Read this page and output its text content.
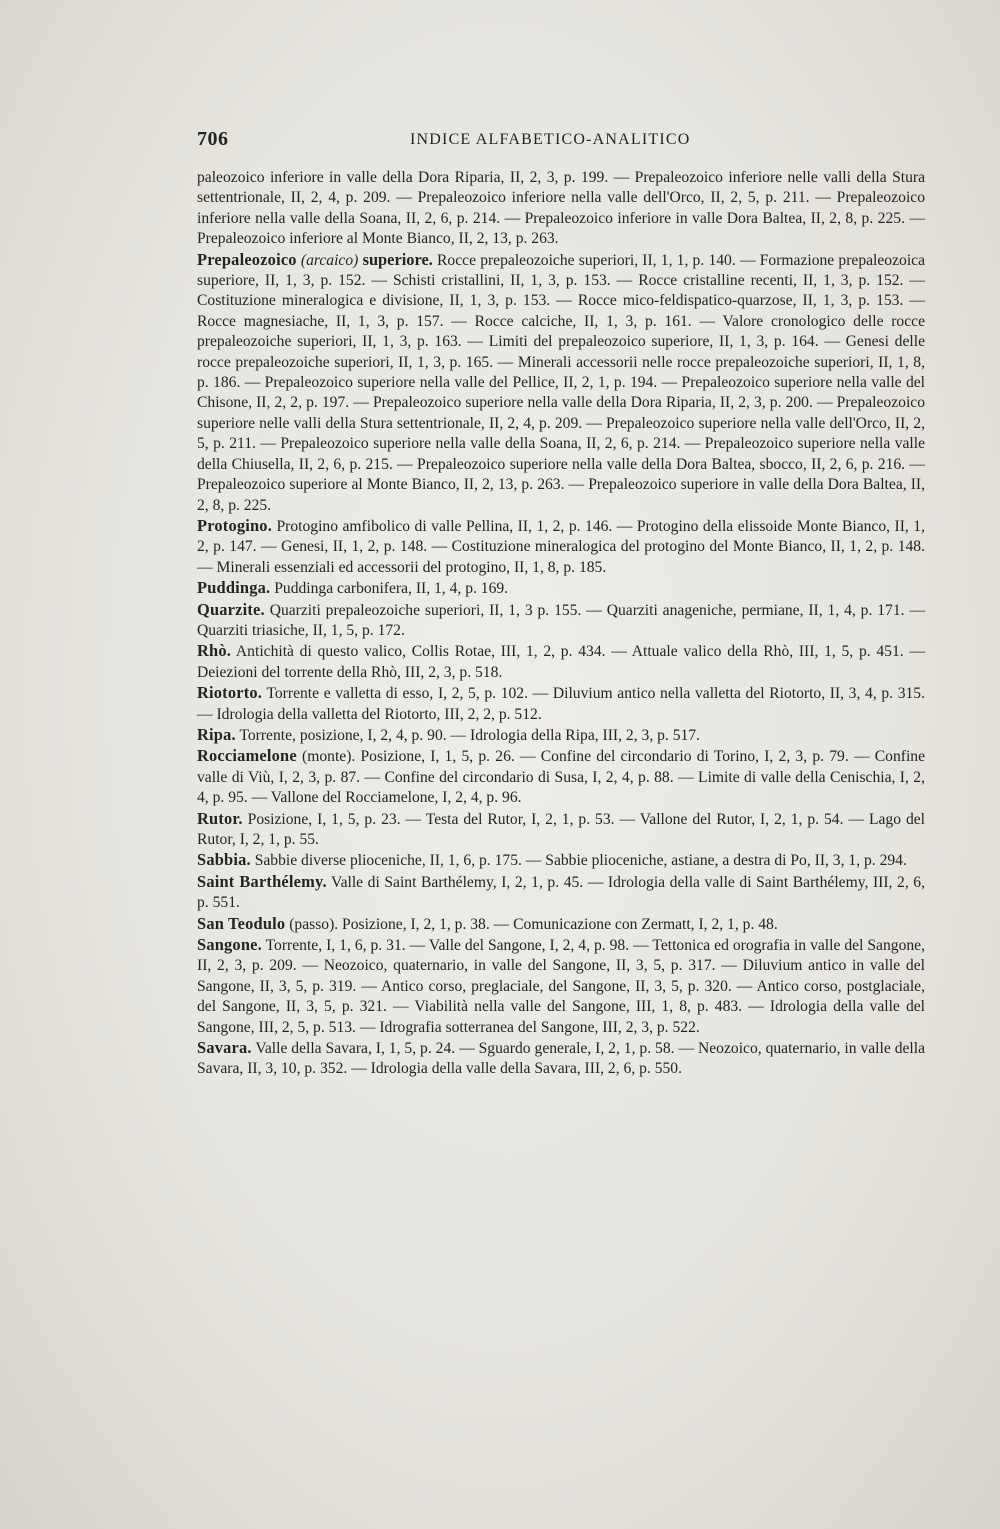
706	INDICE ALFABETICO-ANALITICO

paleozoico inferiore in valle della Dora Riparia, II, 2, 3, p. 199. — Prepaleozoico inferiore nelle valli della Stura settentrionale, II, 2, 4, p. 209. — Prepaleozoico inferiore nella valle dell'Orco, II, 2, 5, p. 211. — Prepaleozoico inferiore nella valle della Soana, II, 2, 6, p. 214. — Prepaleozoico inferiore in valle Dora Baltea, II, 2, 8, p. 225. — Prepaleozoico inferiore al Monte Bianco, II, 2, 13, p. 263.

Prepaleozoico (arcaico) superiore. Rocce prepaleozoiche superiori, II, 1, 1, p. 140. — Formazione prepaleozoica superiore, II, 1, 3, p. 152. — Schisti cristallini, II, 1, 3, p. 153. — Rocce cristalline recenti, II, 1, 3, p. 152. — Costituzione mineralogica e divisione, II, 1, 3, p. 153. — Rocce mico-feldispatico-quarzose, II, 1, 3, p. 153. — Rocce magnesiache, II, 1, 3, p. 157. — Rocce calciche, II, 1, 3, p. 161. — Valore cronologico delle rocce prepaleozoiche superiori, II, 1, 3, p. 163. — Limiti del prepaleozoico superiore, II, 1, 3, p. 164. — Genesi delle rocce prepaleozoiche superiori, II, 1, 3, p. 165. — Minerali accessorii nelle rocce prepaleozoiche superiori, II, 1, 8, p. 186. — Prepaleozoico superiore nella valle del Pellice, II, 2, 1, p. 194. — Prepaleozoico superiore nella valle del Chisone, II, 2, 2, p. 197. — Prepaleozoico superiore nella valle della Dora Riparia, II, 2, 3, p. 200. — Prepaleozoico superiore nelle valli della Stura settentrionale, II, 2, 4, p. 209. — Prepaleozoico superiore nella valle dell'Orco, II, 2, 5, p. 211. — Prepaleozoico superiore nella valle della Soana, II, 2, 6, p. 214. — Prepaleozoico superiore nella valle della Chiusella, II, 2, 6, p. 215. — Prepaleozoico superiore nella valle della Dora Baltea, sbocco, II, 2, 6, p. 216. — Prepaleozoico superiore al Monte Bianco, II, 2, 13, p. 263. — Prepaleozoico superiore in valle della Dora Baltea, II, 2, 8, p. 225.

Protogino. Protogino amfibolico di valle Pellina, II, 1, 2, p. 146. — Protogino della elissoide Monte Bianco, II, 1, 2, p. 147. — Genesi, II, 1, 2, p. 148. — Costituzione mineralogica del protogino del Monte Bianco, II, 1, 2, p. 148. — Minerali essenziali ed accessorii del protogino, II, 1, 8, p. 185.

Puddinga. Puddinga carbonifera, II, 1, 4, p. 169.

Quarzite. Quarziti prepaleozoiche superiori, II, 1, 3 p. 155. — Quarziti anageniche, permiane, II, 1, 4, p. 171. — Quarziti triasiche, II, 1, 5, p. 172.

Rhò. Antichità di questo valico, Collis Rotae, III, 1, 2, p. 434. — Attuale valico della Rhò, III, 1, 5, p. 451. — Deiezioni del torrente della Rhò, III, 2, 3, p. 518.

Riotorto. Torrente e valletta di esso, I, 2, 5, p. 102. — Diluvium antico nella valletta del Riotorto, II, 3, 4, p. 315. — Idrologia della valletta del Riotorto, III, 2, 2, p. 512.

Ripa. Torrente, posizione, I, 2, 4, p. 90. — Idrologia della Ripa, III, 2, 3, p. 517.

Rocciamelone (monte). Posizione, I, 1, 5, p. 26. — Confine del circondario di Torino, I, 2, 3, p. 79. — Confine valle di Viù, I, 2, 3, p. 87. — Confine del circondario di Susa, I, 2, 4, p. 88. — Limite di valle della Cenischia, I, 2, 4, p. 95. — Vallone del Rocciamelone, I, 2, 4, p. 96.

Rutor. Posizione, I, 1, 5, p. 23. — Testa del Rutor, I, 2, 1, p. 53. — Vallone del Rutor, I, 2, 1, p. 54. — Lago del Rutor, I, 2, 1, p. 55.

Sabbia. Sabbie diverse plioceniche, II, 1, 6, p. 175. — Sabbie plioceniche, astiane, a destra di Po, II, 3, 1, p. 294.

Saint Barthélemy. Valle di Saint Barthélemy, I, 2, 1, p. 45. — Idrologia della valle di Saint Barthélemy, III, 2, 6, p. 551.

San Teodulo (passo). Posizione, I, 2, 1, p. 38. — Comunicazione con Zermatt, I, 2, 1, p. 48.

Sangone. Torrente, I, 1, 6, p. 31. — Valle del Sangone, I, 2, 4, p. 98. — Tettonica ed orografia in valle del Sangone, II, 2, 3, p. 209. — Neozoico, quaternario, in valle del Sangone, II, 3, 5, p. 317. — Diluvium antico in valle del Sangone, II, 3, 5, p. 319. — Antico corso, preglaciale, del Sangone, II, 3, 5, p. 320. — Antico corso, postglaciale, del Sangone, II, 3, 5, p. 321. — Viabilità nella valle del Sangone, III, 1, 8, p. 483. — Idrologia della valle del Sangone, III, 2, 5, p. 513. — Idrografia sotterranea del Sangone, III, 2, 3, p. 522.

Savara. Valle della Savara, I, 1, 5, p. 24. — Sguardo generale, I, 2, 1, p. 58. — Neozoico, quaternario, in valle della Savara, II, 3, 10, p. 352. — Idrologia della valle della Savara, III, 2, 6, p. 550.
